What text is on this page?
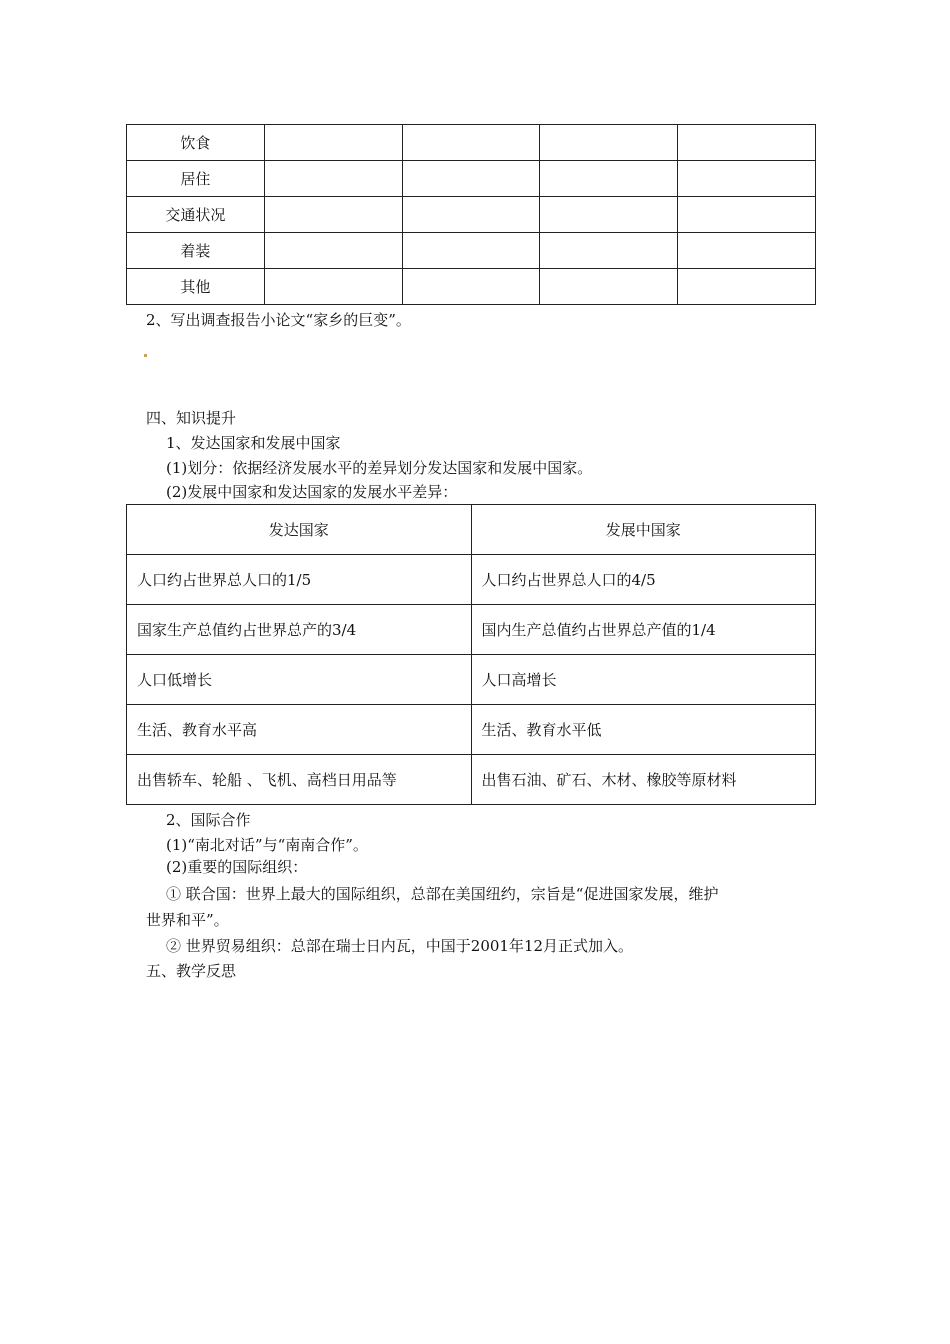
饮食				
居住				
交通状况				
着装				
其他				
2、写出调查报告小论文“家乡的巨变”。
四、知识提升
1、发达国家和发展中国家
(1)划分：依据经济发展水平的差异划分发达国家和发展中国家。
(2)发展中国家和发达国家的发展水平差异：
发达国家	发展中国家
人口约占世界总人口的1/5	人口约占世界总人口的4/5
国家生产总值约占世界总产的3/4	国内生产总值约占世界总产值的1/4
人口低增长	人口高增长
生活、教育水平高	生活、教育水平低
出售轿车、轮船 、飞机、高档日用品等	出售石油、矿石、木材、橡胶等原材料
2、国际合作
(1)“南北对话”与“南南合作”。
(2)重要的国际组织：
① 联合国：世界上最大的国际组织，总部在美国纽约，宗旨是“促进国家发展，维护
世界和平”。
② 世界贸易组织：总部在瑞士日内瓦，中国于2001年12月正式加入。
五、教学反思
